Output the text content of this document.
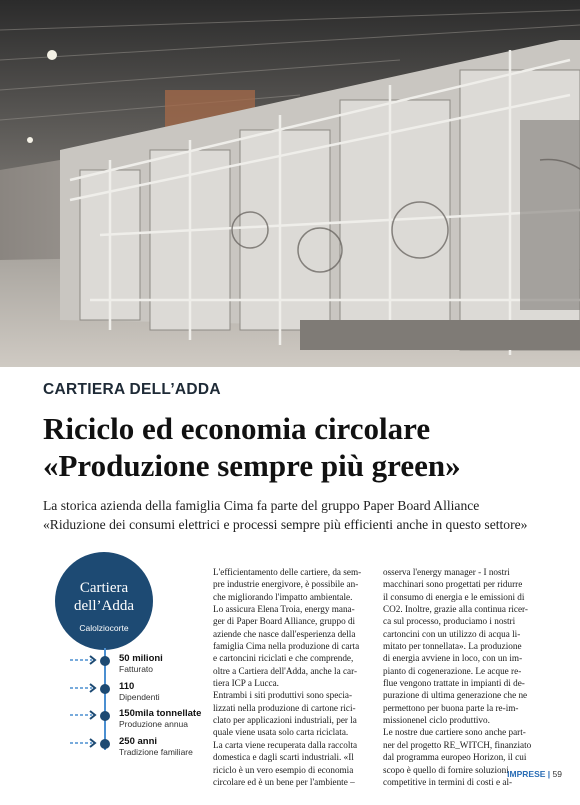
CARTIERA DELL’ADDA
Riciclo ed economia circolare
«Produzione sempre più green»
La storica azienda della famiglia Cima fa parte del gruppo Paper Board Alliance
«Riduzione dei consumi elettrici e processi sempre più efficienti anche in questo settore»
Cartiera
dell’Adda
Calolziocorte
50 milioni
Fatturato
110
Dipendenti
150mila tonnellate
Produzione annua
250 anni
Tradizione familiare
L'efficientamento delle cartiere, da sem-
pre industrie energivore, è possibile an-
che migliorando l'impatto ambientale.
Lo assicura Elena Troia, energy mana-
ger di Paper Board Alliance, gruppo di
aziende che nasce dall'esperienza della
famiglia Cima nella produzione di carta
e cartoncini riciclati e che comprende,
oltre a Cartiera dell'Adda, anche la car-
tiera ICP a Lucca.
Entrambi i siti produttivi sono specia-
lizzati nella produzione di cartone rici-
clato per applicazioni industriali, per la
quale viene usata solo carta riciclata.
La carta viene recuperata dalla raccolta
domestica e dagli scarti industriali. «Il
riciclo è un vero esempio di economia
circolare ed è un bene per l'ambiente –
osserva l'energy manager - I nostri
macchinari sono progettati per ridurre
il consumo di energia e le emissioni di
CO2. Inoltre, grazie alla continua ricer-
ca sul processo, produciamo i nostri
cartoncini con un utilizzo di acqua li-
mitato per tonnellata». La produzione
di energia avviene in loco, con un im-
pianto di cogenerazione. Le acque re-
flue vengono trattate in impianti di de-
purazione di ultima generazione che ne
permettono per buona parte la re-im-
missionenel ciclo produttivo.
Le nostre due cartiere sono anche part-
ner del progetto RE_WITCH, finanziato
dal programma europeo Horizon, il cui
scopo è quello di fornire soluzioni
competitive in termini di costi e al-
IMPRESE | 59
